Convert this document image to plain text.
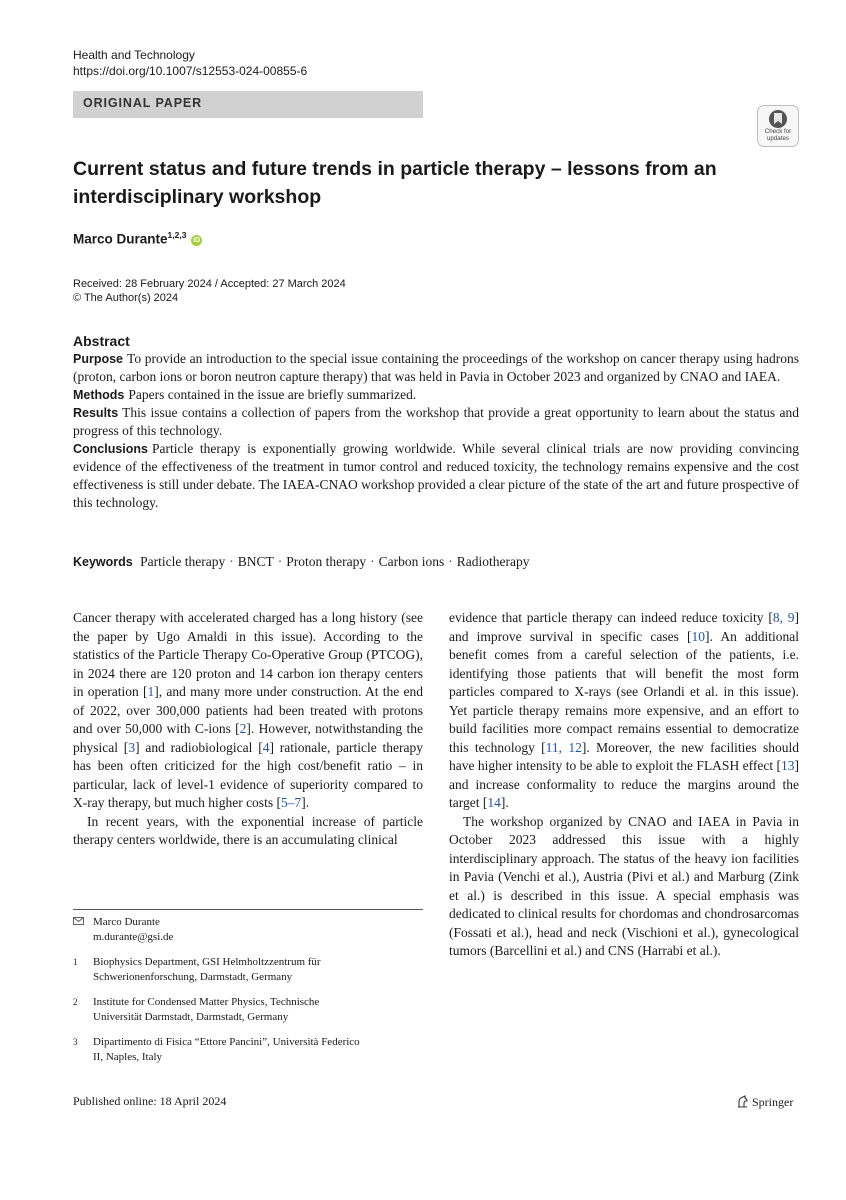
Health and Technology
https://doi.org/10.1007/s12553-024-00855-6
ORIGINAL PAPER
Check for
updates
Current status and future trends in particle therapy – lessons from an interdisciplinary workshop
Marco Durante$^{1,2,3}$ iD
Received: 28 February 2024 / Accepted: 27 March 2024
© The Author(s) 2024
Abstract

Purpose To provide an introduction to the special issue containing the proceedings of the workshop on cancer therapy using hadrons (proton, carbon ions or boron neutron capture therapy) that was held in Pavia in October 2023 and organized by CNAO and IAEA.

Methods Papers contained in the issue are briefly summarized.

Results This issue contains a collection of papers from the workshop that provide a great opportunity to learn about the status and progress of this technology.

Conclusions Particle therapy is exponentially growing worldwide. While several clinical trials are now providing convincing evidence of the effectiveness of the treatment in tumor control and reduced toxicity, the technology remains expensive and the cost effectiveness is still under debate. The IAEA-CNAO workshop provided a clear picture of the state of the art and future prospective of this technology.

Keywords Particle therapy · BNCT · Proton therapy · Carbon ions · Radiotherapy

Cancer therapy with accelerated charged has a long history (see the paper by Ugo Amaldi in this issue). According to the statistics of the Particle Therapy Co-Operative Group (PTCOG), in 2024 there are 120 proton and 14 carbon ion therapy centers in operation [1], and many more under construction. At the end of 2022, over 300,000 patients had been treated with protons and over 50,000 with C-ions [2]. However, notwithstanding the physical [3] and radiobiological [4] rationale, particle therapy has been often criticized for the high cost/benefit ratio – in particular, lack of level-1 evidence of superiority compared to X-ray therapy, but much higher costs [5–7].

In recent years, with the exponential increase of particle therapy centers worldwide, there is an accumulating clinical

evidence that particle therapy can indeed reduce toxicity [8, 9] and improve survival in specific cases [10]. An additional benefit comes from a careful selection of the patients, i.e. identifying those patients that will benefit the most form particles compared to X-rays (see Orlandi et al. in this issue). Yet particle therapy remains more expensive, and an effort to build facilities more compact remains essential to democratize this technology [11, 12]. Moreover, the new facilities should have higher intensity to be able to exploit the FLASH effect [13] and increase conformality to reduce the margins around the target [14].

The workshop organized by CNAO and IAEA in Pavia in October 2023 addressed this issue with a highly interdisciplinary approach. The status of the heavy ion facilities in Pavia (Venchi et al.), Austria (Pivi et al.) and Marburg (Zink et al.) is described in this issue. A special emphasis was dedicated to clinical results for chordomas and chondrosarcomas (Fossati et al.), head and neck (Vischioni et al.), gynecological tumors (Barcellini et al.) and CNS (Harrabi et al.).

Marco Durante
m.durante@gsi.de
1 Biophysics Department, GSI Helmholtzzentrum für
Schwerionenforschung, Darmstadt, Germany
2 Institute for Condensed Matter Physics, Technische
Universität Darmstadt, Darmstadt, Germany
3 Dipartimento di Fisica “Ettore Pancini”, Università Federico
II, Naples, Italy
Published online: 18 April 2024	Springer
